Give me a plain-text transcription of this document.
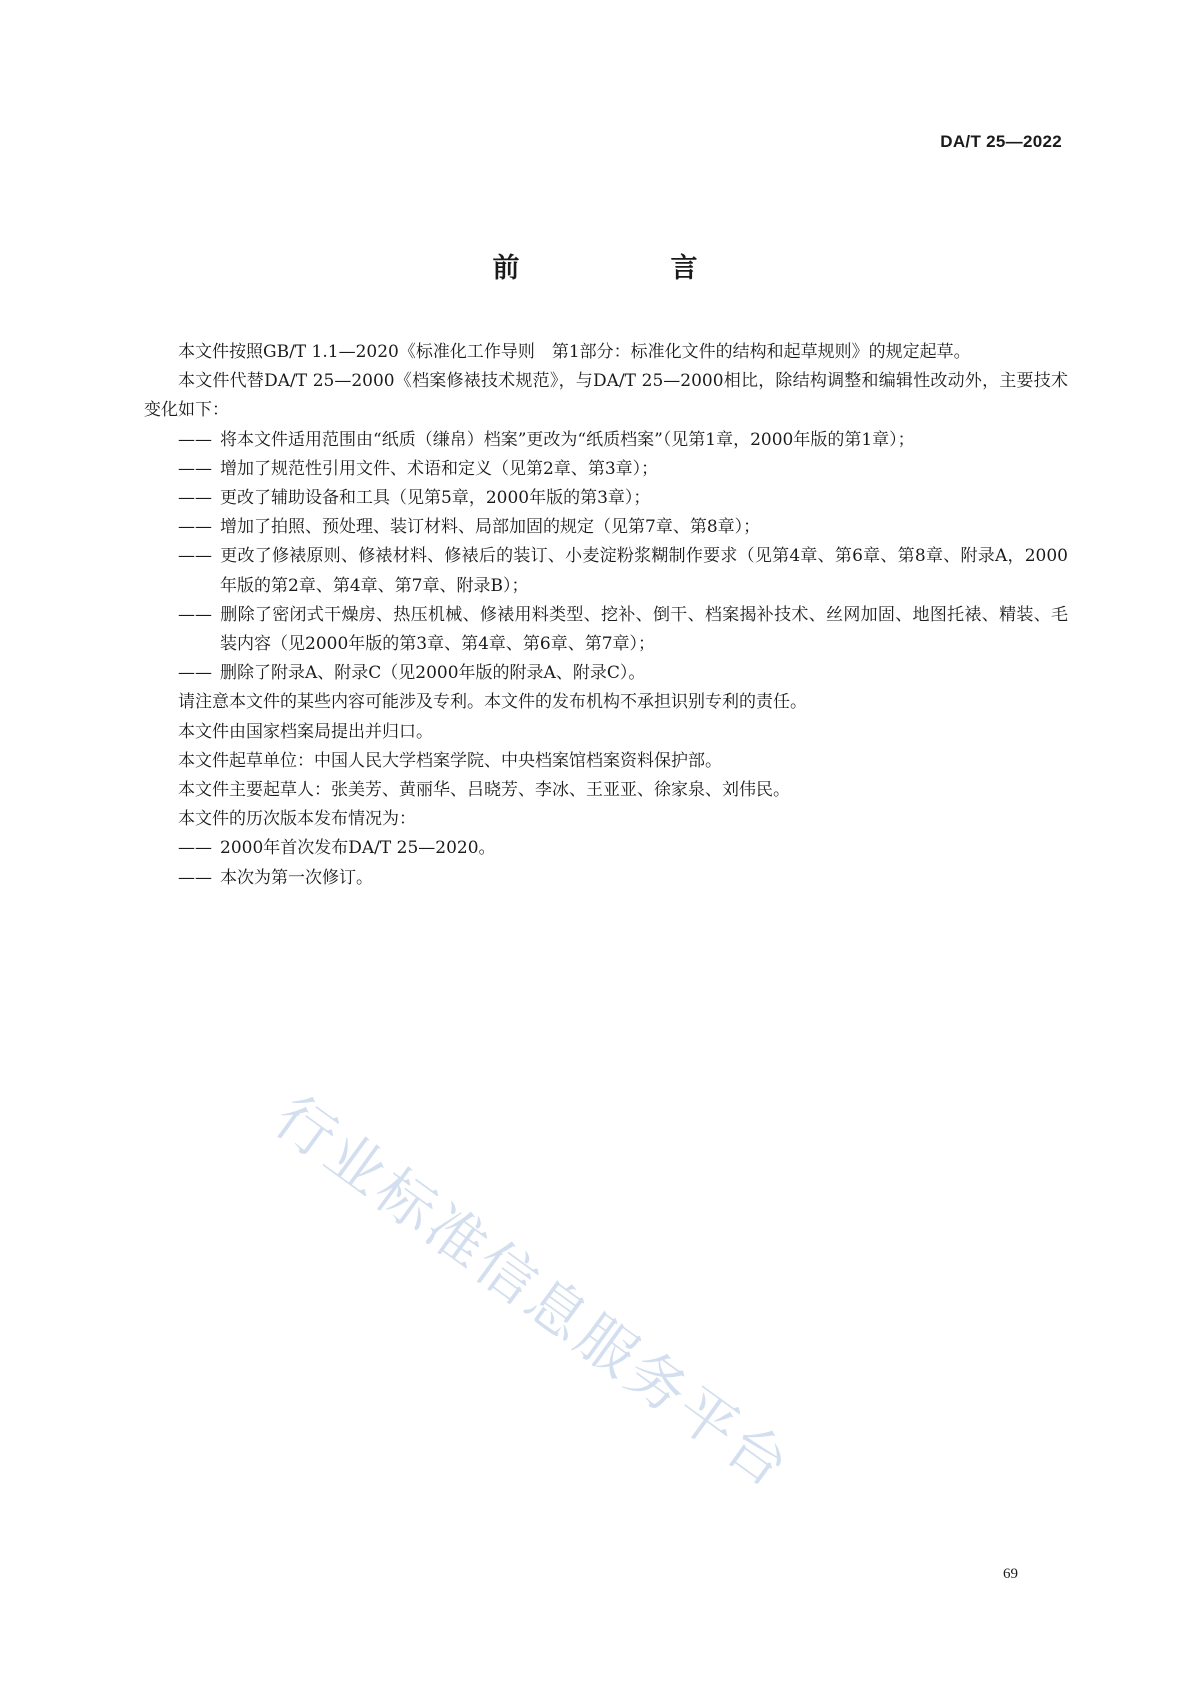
DA/T 25—2022
前　言

本文件按照GB/T 1.1—2020《标准化工作导则　第1部分：标准化文件的结构和起草规则》的规定起草。

本文件代替DA/T 25—2000《档案修裱技术规范》，与DA/T 25—2000相比，除结构调整和编辑性改动外，主要技术变化如下：

—— 将本文件适用范围由“纸质（缣帛）档案”更改为“纸质档案”（见第1章，2000年版的第1章）；

—— 增加了规范性引用文件、术语和定义（见第2章、第3章）；

—— 更改了辅助设备和工具（见第5章，2000年版的第3章）；

—— 增加了拍照、预处理、装订材料、局部加固的规定（见第7章、第8章）；

—— 更改了修裱原则、修裱材料、修裱后的装订、小麦淀粉浆糊制作要求（见第4章、第6章、第8章、附录A，2000年版的第2章、第4章、第7章、附录B）；

—— 删除了密闭式干燥房、热压机械、修裱用料类型、挖补、倒干、档案揭补技术、丝网加固、地图托裱、精装、毛装内容（见2000年版的第3章、第4章、第6章、第7章）；

—— 删除了附录A、附录C（见2000年版的附录A、附录C）。

请注意本文件的某些内容可能涉及专利。本文件的发布机构不承担识别专利的责任。

本文件由国家档案局提出并归口。

本文件起草单位：中国人民大学档案学院、中央档案馆档案资料保护部。

本文件主要起草人：张美芳、黄丽华、吕晓芳、李冰、王亚亚、徐家泉、刘伟民。

本文件的历次版本发布情况为：

—— 2000年首次发布DA/T 25—2020。

—— 本次为第一次修订。

行业标准信息服务平台
69
